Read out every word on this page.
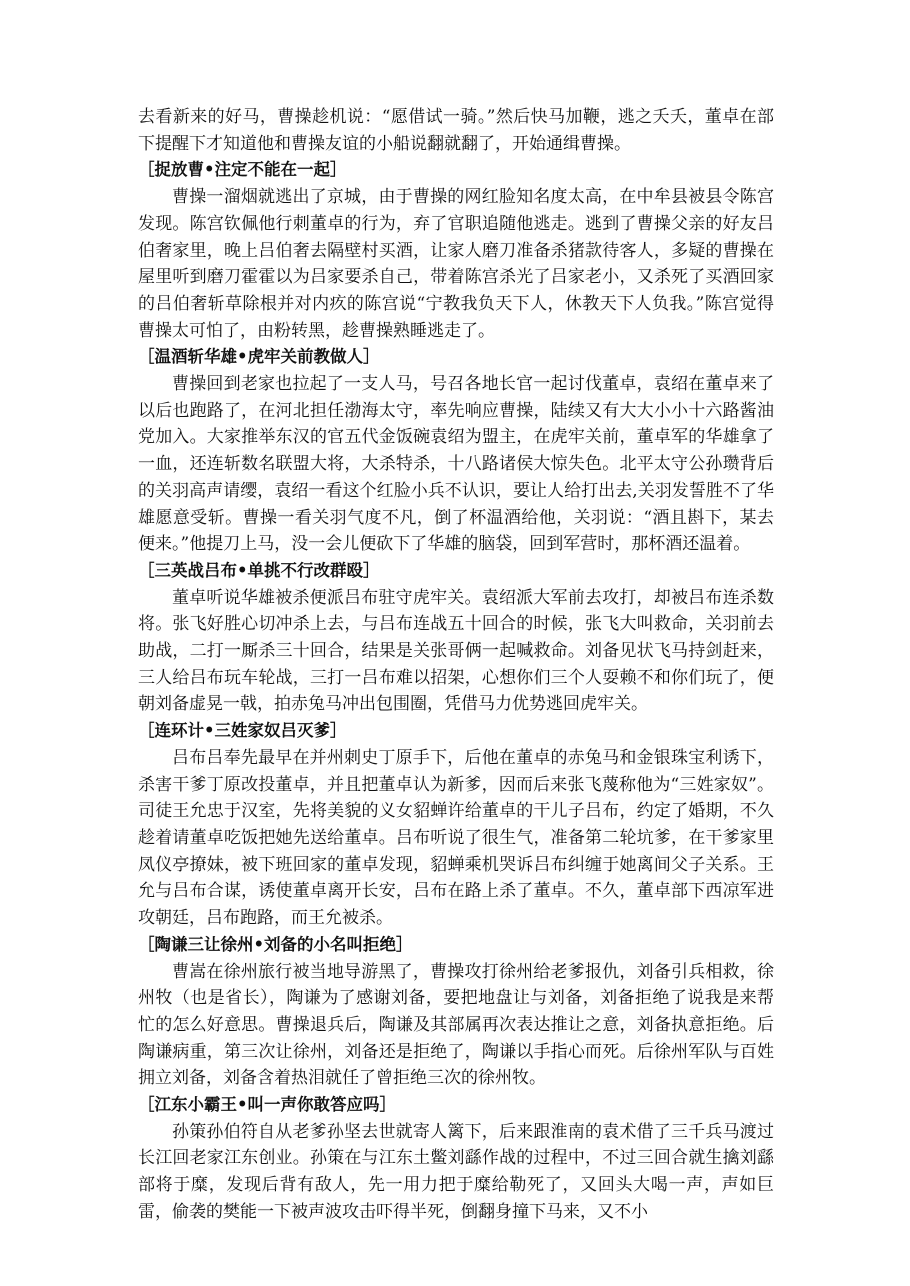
去看新来的好马，曹操趁机说：“愿借试一骑。”然后快马加鞭，逃之夭夭，董卓在部下提醒下才知道他和曹操友谊的小船说翻就翻了，开始通缉曹操。

［捉放曹•注定不能在一起］

曹操一溜烟就逃出了京城，由于曹操的网红脸知名度太高，在中牟县被县令陈宫发现。陈宫钦佩他行刺董卓的行为，弃了官职追随他逃走。逃到了曹操父亲的好友吕伯奢家里，晚上吕伯奢去隔壁村买酒，让家人磨刀准备杀猪款待客人，多疑的曹操在屋里听到磨刀霍霍以为吕家要杀自己，带着陈宫杀光了吕家老小，又杀死了买酒回家的吕伯奢斩草除根并对内疚的陈宫说“宁教我负天下人，休教天下人负我。”陈宫觉得曹操太可怕了，由粉转黑，趁曹操熟睡逃走了。

［温酒斩华雄•虎牢关前教做人］

曹操回到老家也拉起了一支人马，号召各地长官一起讨伐董卓，袁绍在董卓来了以后也跑路了，在河北担任渤海太守，率先响应曹操，陆续又有大大小小十六路酱油党加入。大家推举东汉的官五代金饭碗袁绍为盟主，在虎牢关前，董卓军的华雄拿了一血，还连斩数名联盟大将，大杀特杀，十八路诸侯大惊失色。北平太守公孙瓒背后的关羽高声请缨，袁绍一看这个红脸小兵不认识，要让人给打出去,关羽发誓胜不了华雄愿意受斩。曹操一看关羽气度不凡，倒了杯温酒给他，关羽说：“酒且斟下，某去便来。”他提刀上马，没一会儿便砍下了华雄的脑袋，回到军营时，那杯酒还温着。

［三英战吕布•单挑不行改群殴］

董卓听说华雄被杀便派吕布驻守虎牢关。袁绍派大军前去攻打，却被吕布连杀数将。张飞好胜心切冲杀上去，与吕布连战五十回合的时候，张飞大叫救命，关羽前去助战，二打一厮杀三十回合，结果是关张哥俩一起喊救命。刘备见状飞马持剑赶来，三人给吕布玩车轮战，三打一吕布难以招架，心想你们三个人耍赖不和你们玩了，便朝刘备虚晃一戟，拍赤兔马冲出包围圈，凭借马力优势逃回虎牢关。

［连环计•三姓家奴吕灭爹］

吕布吕奉先最早在并州刺史丁原手下，后他在董卓的赤兔马和金银珠宝利诱下，杀害干爹丁原改投董卓，并且把董卓认为新爹，因而后来张飞蔑称他为“三姓家奴”。司徒王允忠于汉室，先将美貌的义女貂蝉许给董卓的干儿子吕布，约定了婚期，不久趁着请董卓吃饭把她先送给董卓。吕布听说了很生气，准备第二轮坑爹，在干爹家里凤仪亭撩妹，被下班回家的董卓发现，貂蝉乘机哭诉吕布纠缠于她离间父子关系。王允与吕布合谋，诱使董卓离开长安，吕布在路上杀了董卓。不久，董卓部下西凉军进攻朝廷，吕布跑路，而王允被杀。

［陶谦三让徐州•刘备的小名叫拒绝］

曹嵩在徐州旅行被当地导游黑了，曹操攻打徐州给老爹报仇，刘备引兵相救，徐州牧（也是省长），陶谦为了感谢刘备，要把地盘让与刘备，刘备拒绝了说我是来帮忙的怎么好意思。曹操退兵后，陶谦及其部属再次表达推让之意，刘备执意拒绝。后陶谦病重，第三次让徐州，刘备还是拒绝了，陶谦以手指心而死。后徐州军队与百姓拥立刘备，刘备含着热泪就任了曾拒绝三次的徐州牧。

［江东小霸王•叫一声你敢答应吗］

孙策孙伯符自从老爹孙坚去世就寄人篱下，后来跟淮南的袁术借了三千兵马渡过长江回老家江东创业。孙策在与江东土鳖刘繇作战的过程中，不过三回合就生擒刘繇部将于糜，发现后背有敌人，先一用力把于糜给勒死了，又回头大喝一声，声如巨雷，偷袭的樊能一下被声波攻击吓得半死，倒翻身撞下马来，又不小
